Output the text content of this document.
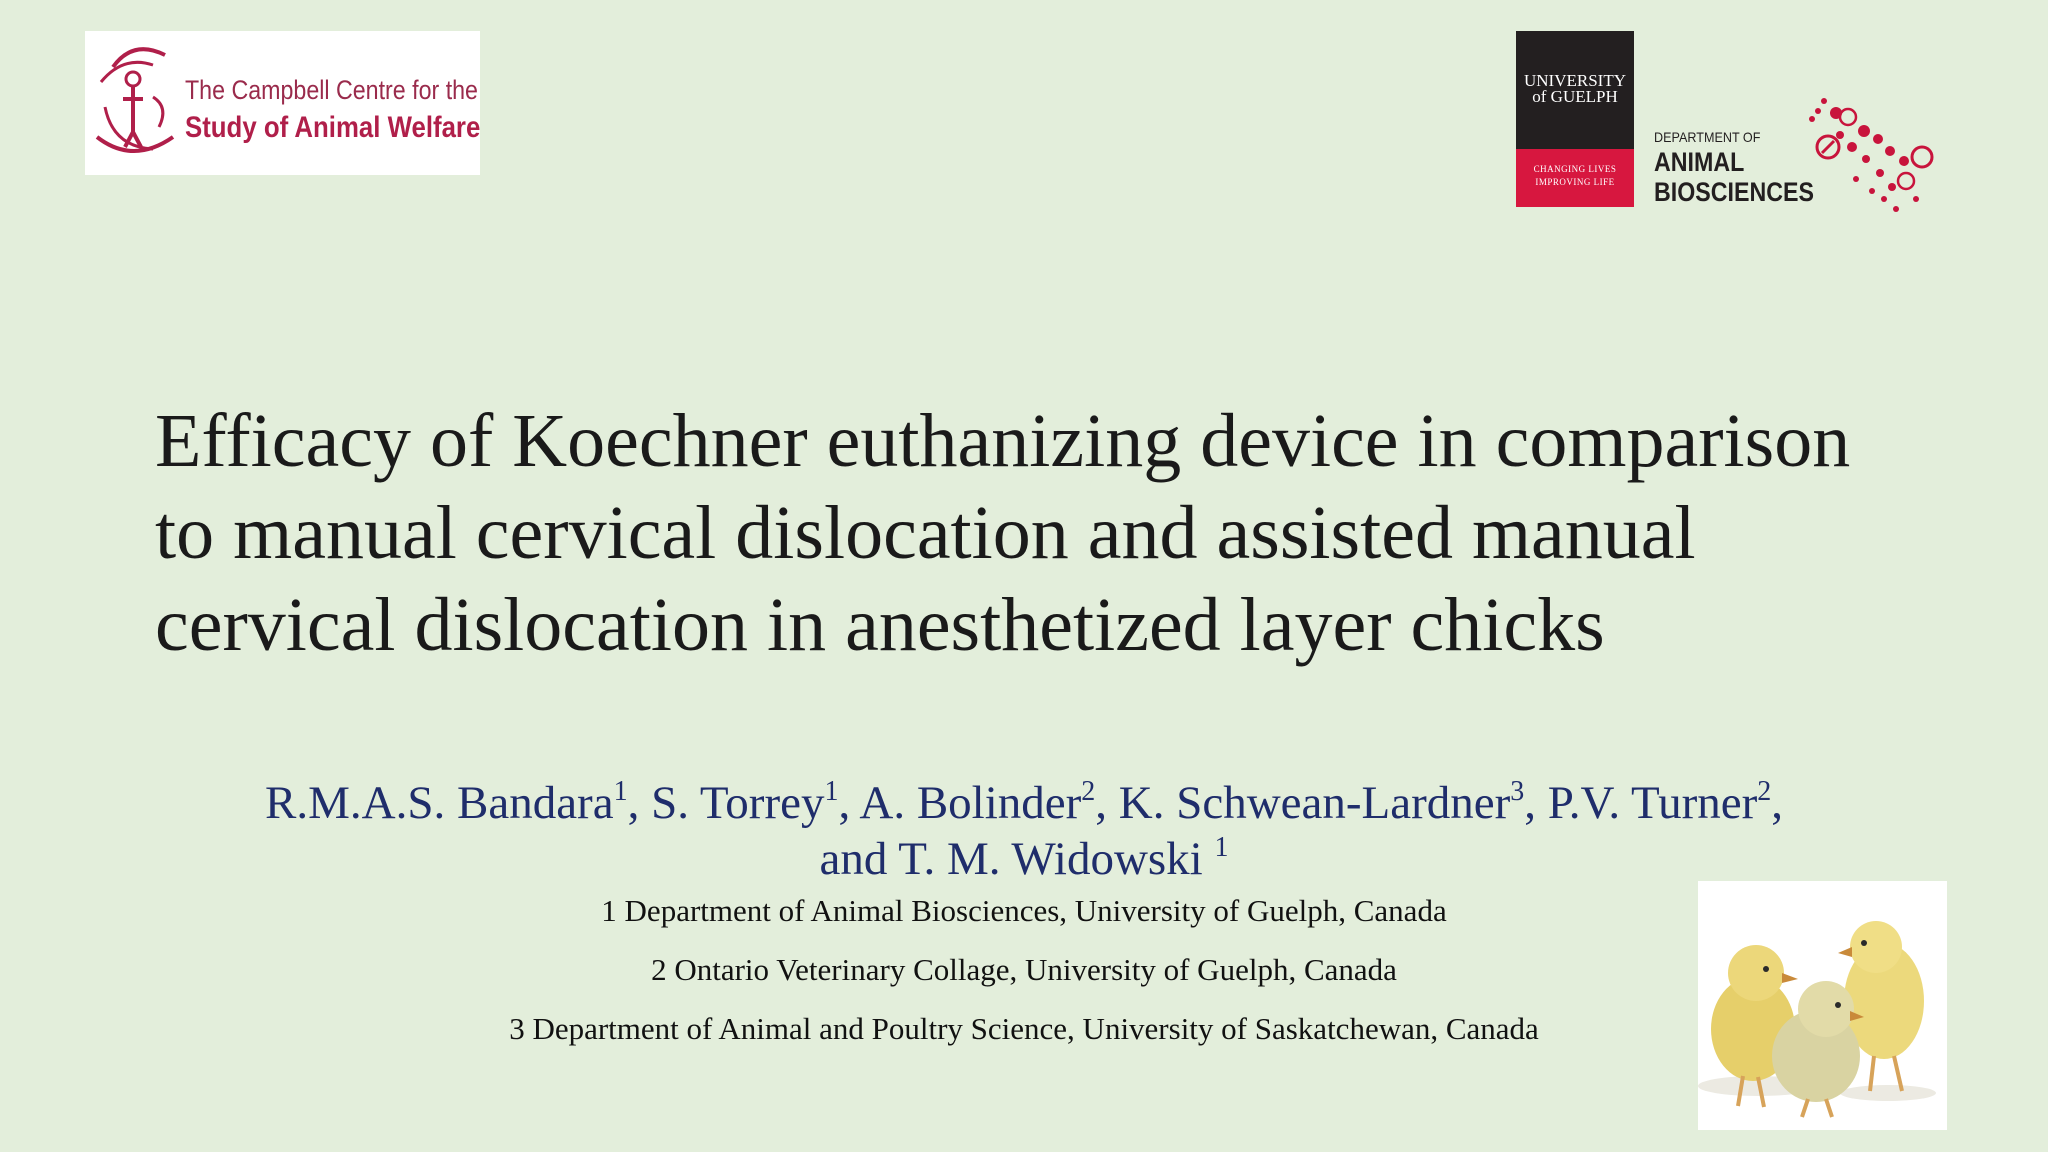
The Campbell Centre for the
Study of Animal Welfare
UNIVERSITY
of GUELPH
CHANGING LIVES
IMPROVING LIFE
DEPARTMENT OF
ANIMAL
BIOSCIENCES
Efficacy of Koechner euthanizing device in comparison
to manual cervical dislocation and assisted manual
cervical dislocation in anesthetized layer chicks
R.M.A.S. Bandara$^1$, S. Torrey$^1$, A. Bolinder$^2$, K. Schwean-Lardner$^3$, P.V. Turner$^2$,
and T. M. Widowski $^1$
1 Department of Animal Biosciences, University of Guelph, Canada
2 Ontario Veterinary Collage, University of Guelph, Canada
3 Department of Animal and Poultry Science, University of Saskatchewan, Canada
